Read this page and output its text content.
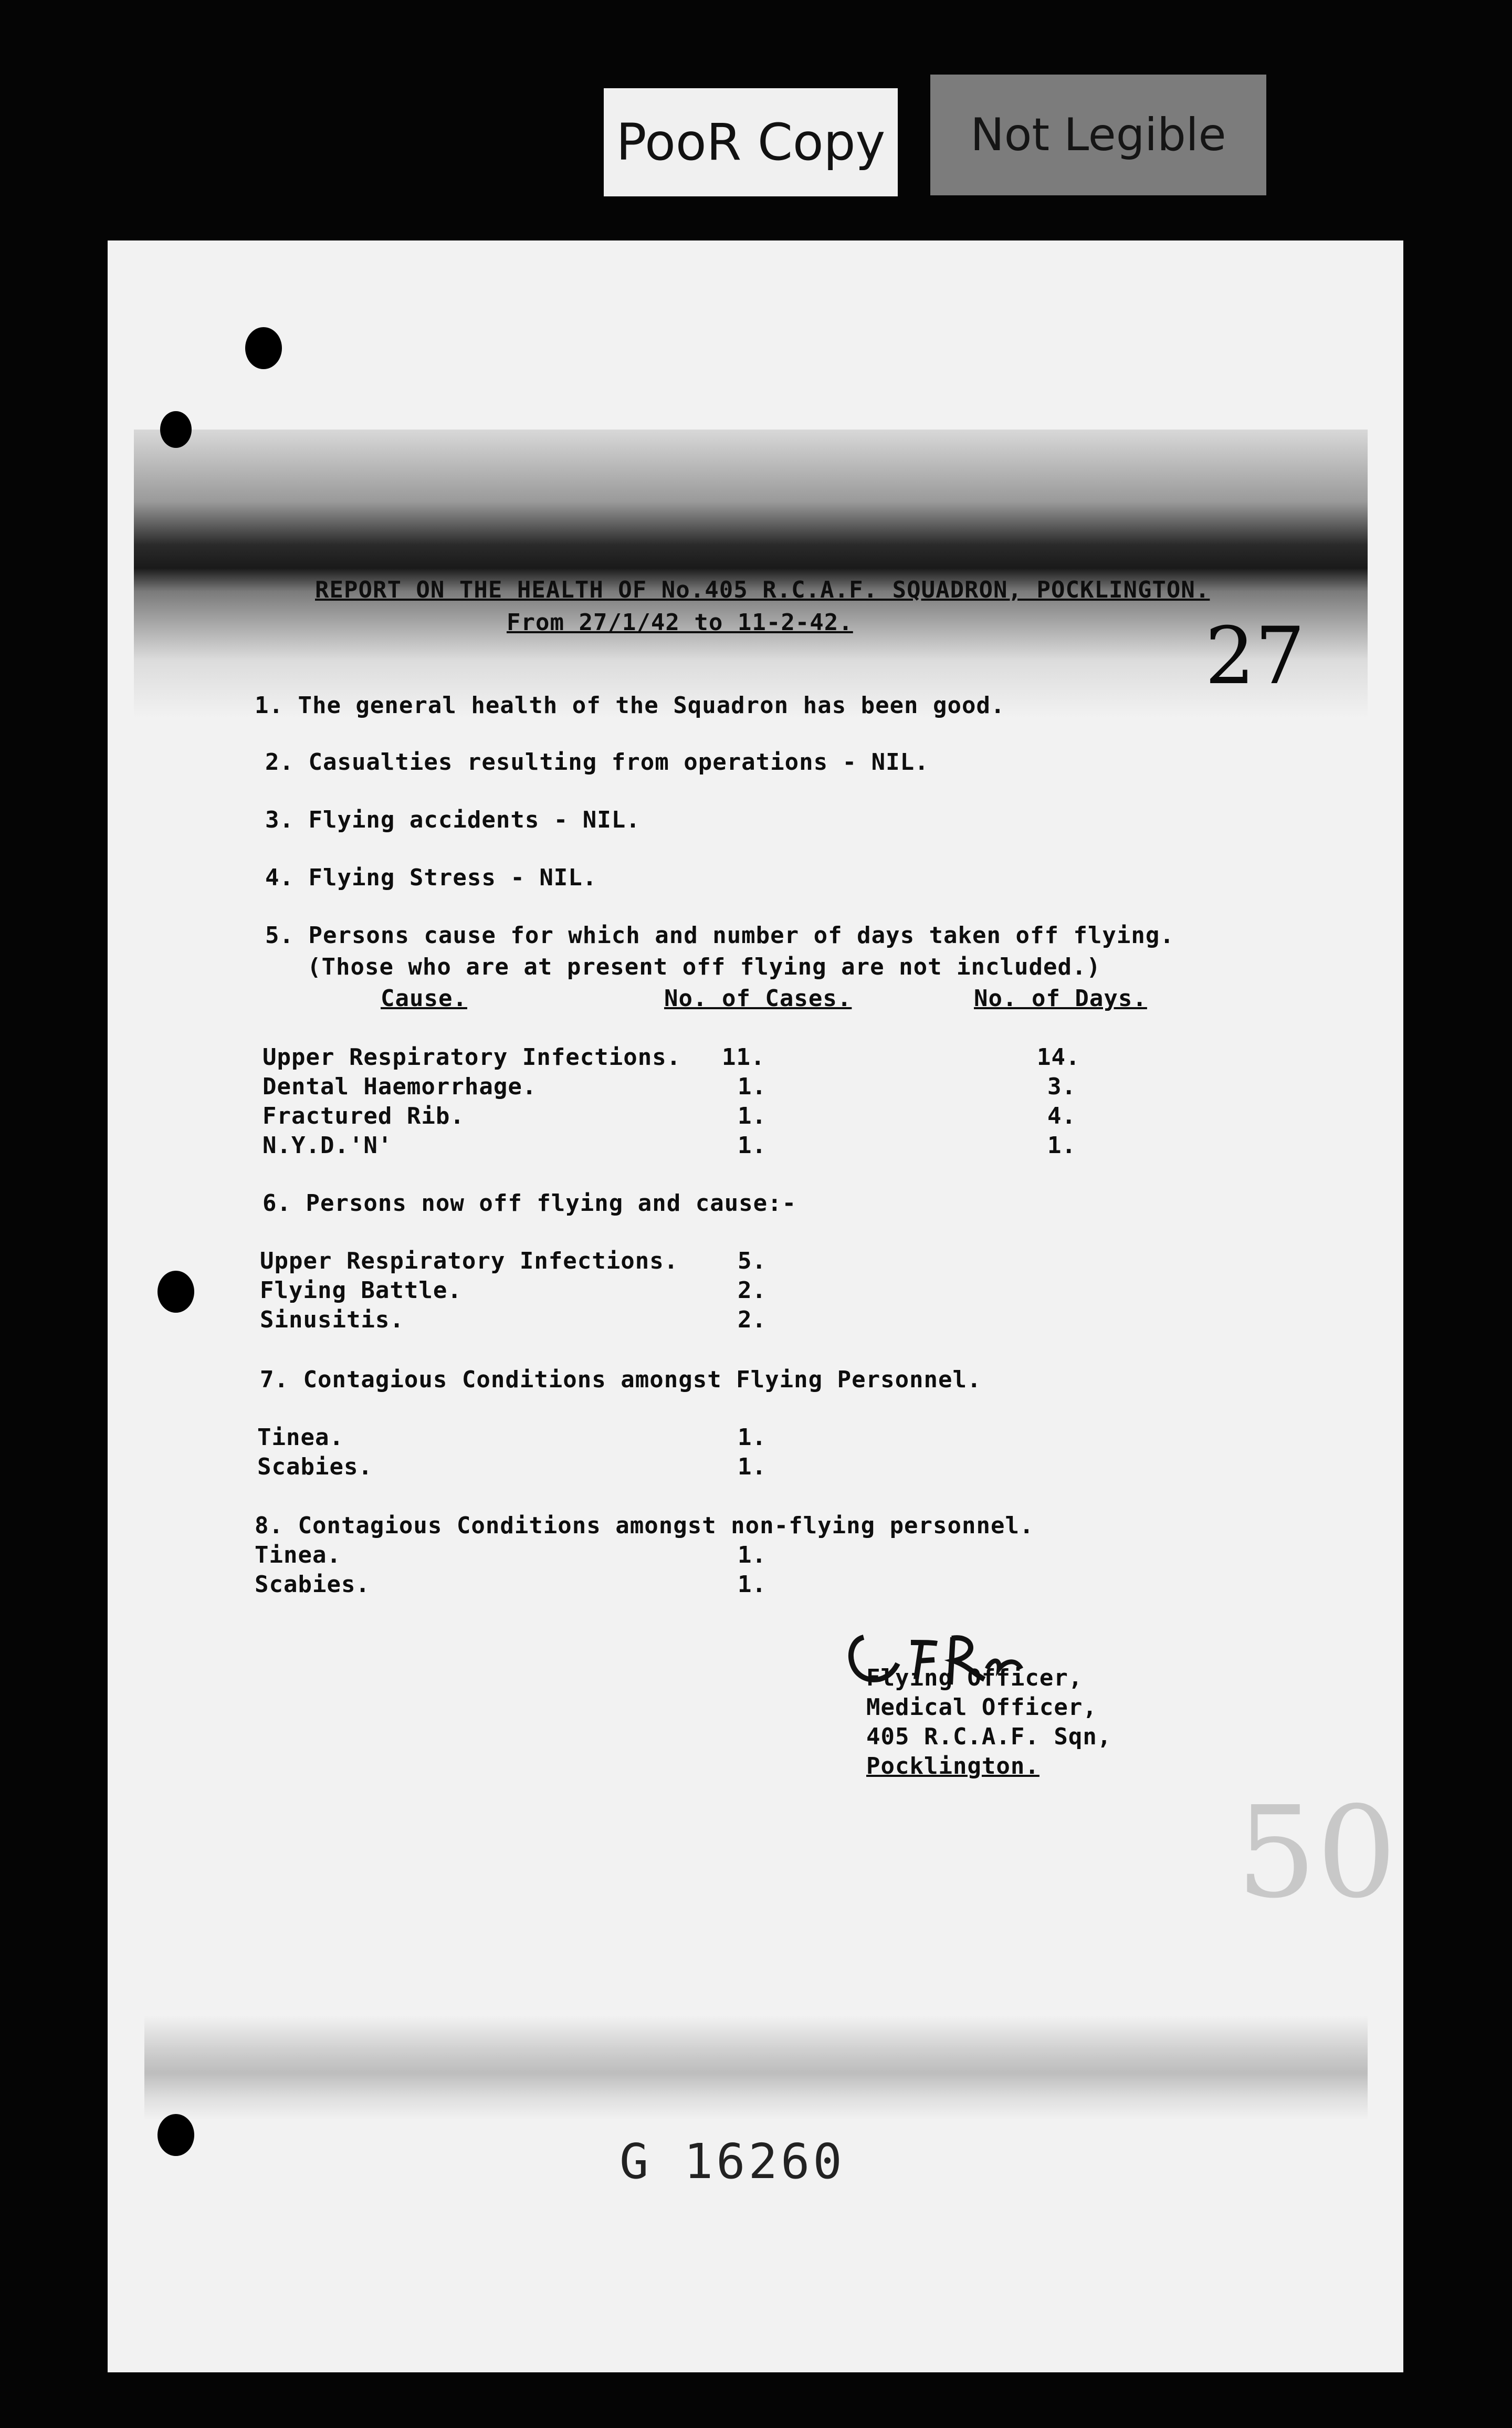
PooR Copy Not Legible
REPORT ON THE HEALTH OF No.405 R.C.A.F. SQUADRON, POCKLINGTON.
From 27/1/42 to 11-2-42.	27
1. The general health of the Squadron has been good.
2. Casualties resulting from operations - NIL.
3. Flying accidents - NIL.
4. Flying Stress - NIL.
5. Persons cause for which and number of days taken off flying.
(Those who are at present off flying are not included.)
Cause.	No. of Cases.	No. of Days.
Upper Respiratory Infections. 11.	14.
Dental Haemorrhage.	1.	3.
Fractured Rib.	1.	4.
N.Y.D.'N'	1.	1.
6. Persons now off flying and cause:-
Upper Respiratory Infections.	5.
Flying Battle.	2.
Sinusitis.	2.
7. Contagious Conditions amongst Flying Personnel.
Tinea.	1.
Scabies.	1.
8. Contagious Conditions amongst non-flying personnel.
Tinea.	1.
Scabies.	1.
Flying Officer,
Medical Officer,
405 R.C.A.F. Sqn,
Pocklington.
50
G 16260
